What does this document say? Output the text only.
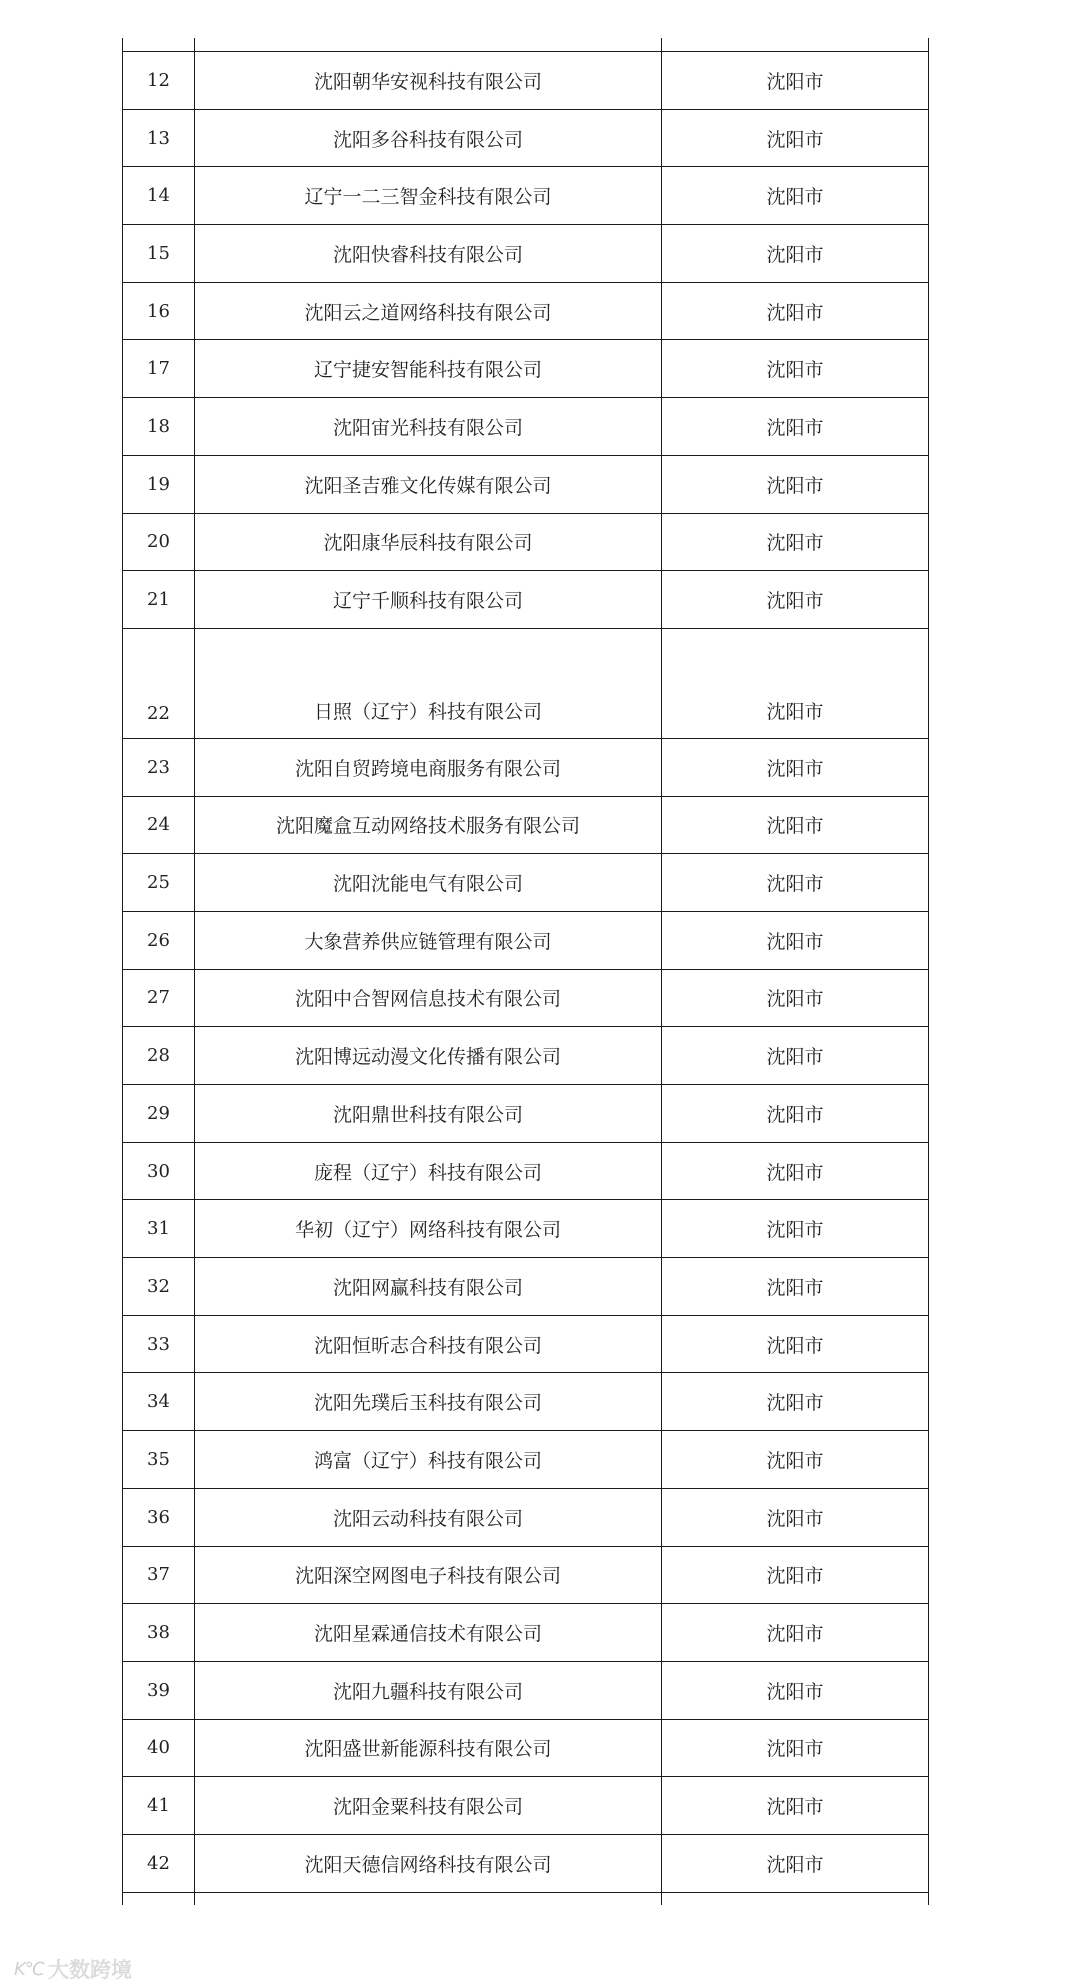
12	沈阳朝华安视科技有限公司	沈阳市
13	沈阳多谷科技有限公司	沈阳市
14	辽宁一二三智金科技有限公司	沈阳市
15	沈阳快睿科技有限公司	沈阳市
16	沈阳云之道网络科技有限公司	沈阳市
17	辽宁捷安智能科技有限公司	沈阳市
18	沈阳宙光科技有限公司	沈阳市
19	沈阳圣吉雅文化传媒有限公司	沈阳市
20	沈阳康华辰科技有限公司	沈阳市
21	辽宁千顺科技有限公司	沈阳市
22	日照（辽宁）科技有限公司	沈阳市
23	沈阳自贸跨境电商服务有限公司	沈阳市
24	沈阳魔盒互动网络技术服务有限公司	沈阳市
25	沈阳沈能电气有限公司	沈阳市
26	大象营养供应链管理有限公司	沈阳市
27	沈阳中合智网信息技术有限公司	沈阳市
28	沈阳博远动漫文化传播有限公司	沈阳市
29	沈阳鼎世科技有限公司	沈阳市
30	庞程（辽宁）科技有限公司	沈阳市
31	华初（辽宁）网络科技有限公司	沈阳市
32	沈阳网赢科技有限公司	沈阳市
33	沈阳恒昕志合科技有限公司	沈阳市
34	沈阳先璞后玉科技有限公司	沈阳市
35	鸿富（辽宁）科技有限公司	沈阳市
36	沈阳云动科技有限公司	沈阳市
37	沈阳深空网图电子科技有限公司	沈阳市
38	沈阳星霖通信技术有限公司	沈阳市
39	沈阳九疆科技有限公司	沈阳市
40	沈阳盛世新能源科技有限公司	沈阳市
41	沈阳金粟科技有限公司	沈阳市
42	沈阳天德信网络科技有限公司	沈阳市

K℃ 大数跨境
